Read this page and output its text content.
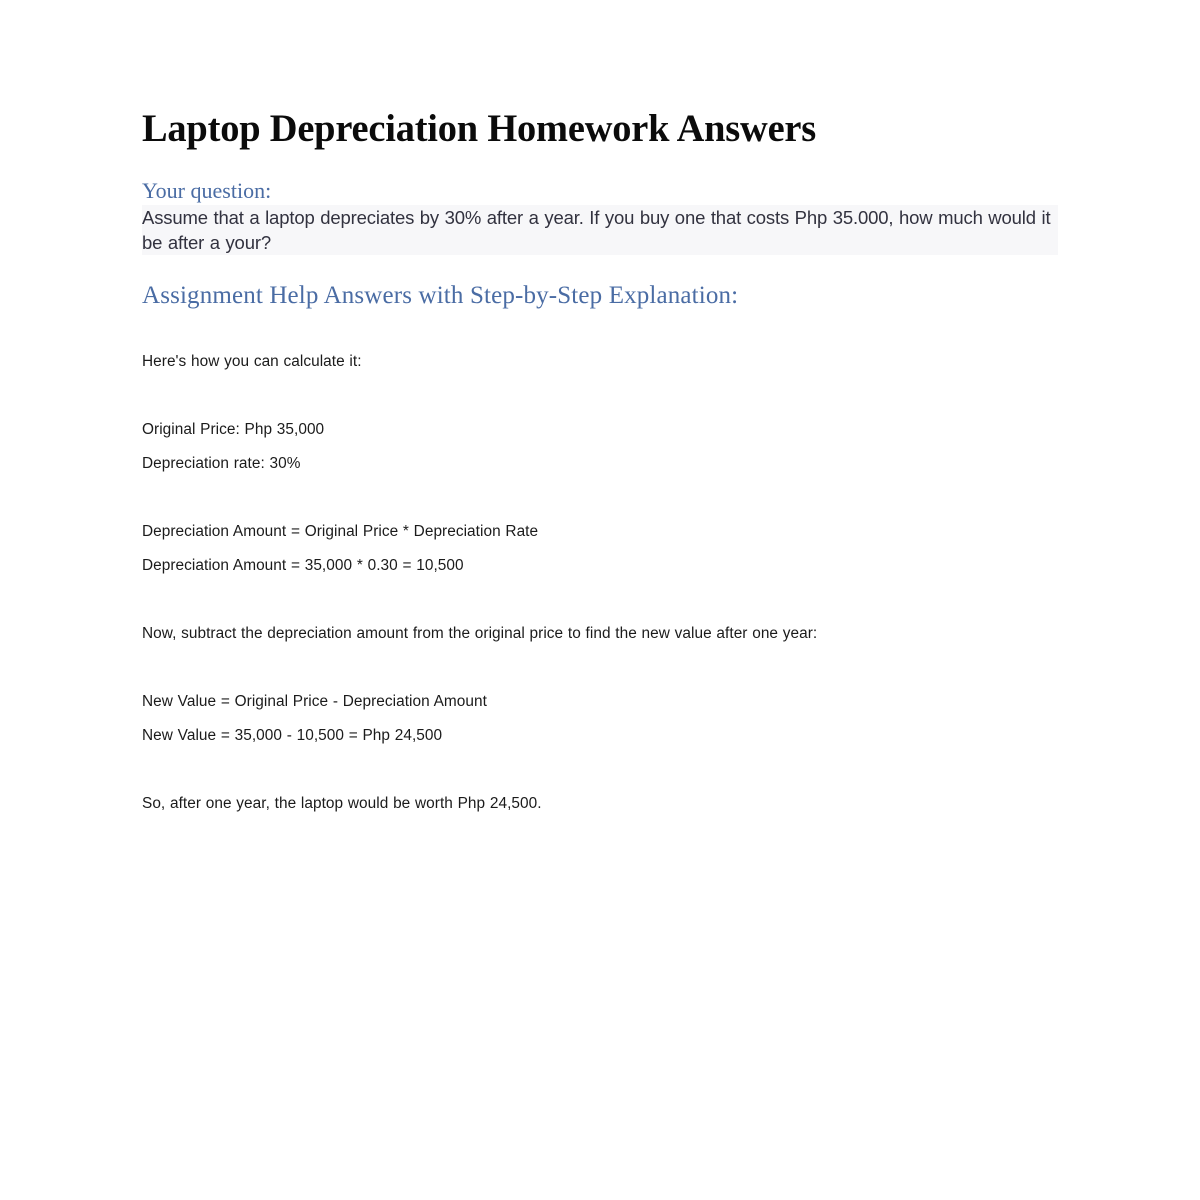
Laptop Depreciation Homework Answers
Your question:

Assume that a laptop depreciates by 30% after a year. If you buy one that costs Php 35.000, how much would it be after a your?

Assignment Help Answers with Step-by-Step Explanation:

Here's how you can calculate it:

Original Price: Php 35,000

Depreciation rate: 30%

Depreciation Amount = Original Price * Depreciation Rate

Depreciation Amount = 35,000 * 0.30 = 10,500

Now, subtract the depreciation amount from the original price to find the new value after one year:

New Value = Original Price - Depreciation Amount

New Value = 35,000 - 10,500 = Php 24,500

So, after one year, the laptop would be worth Php 24,500.
